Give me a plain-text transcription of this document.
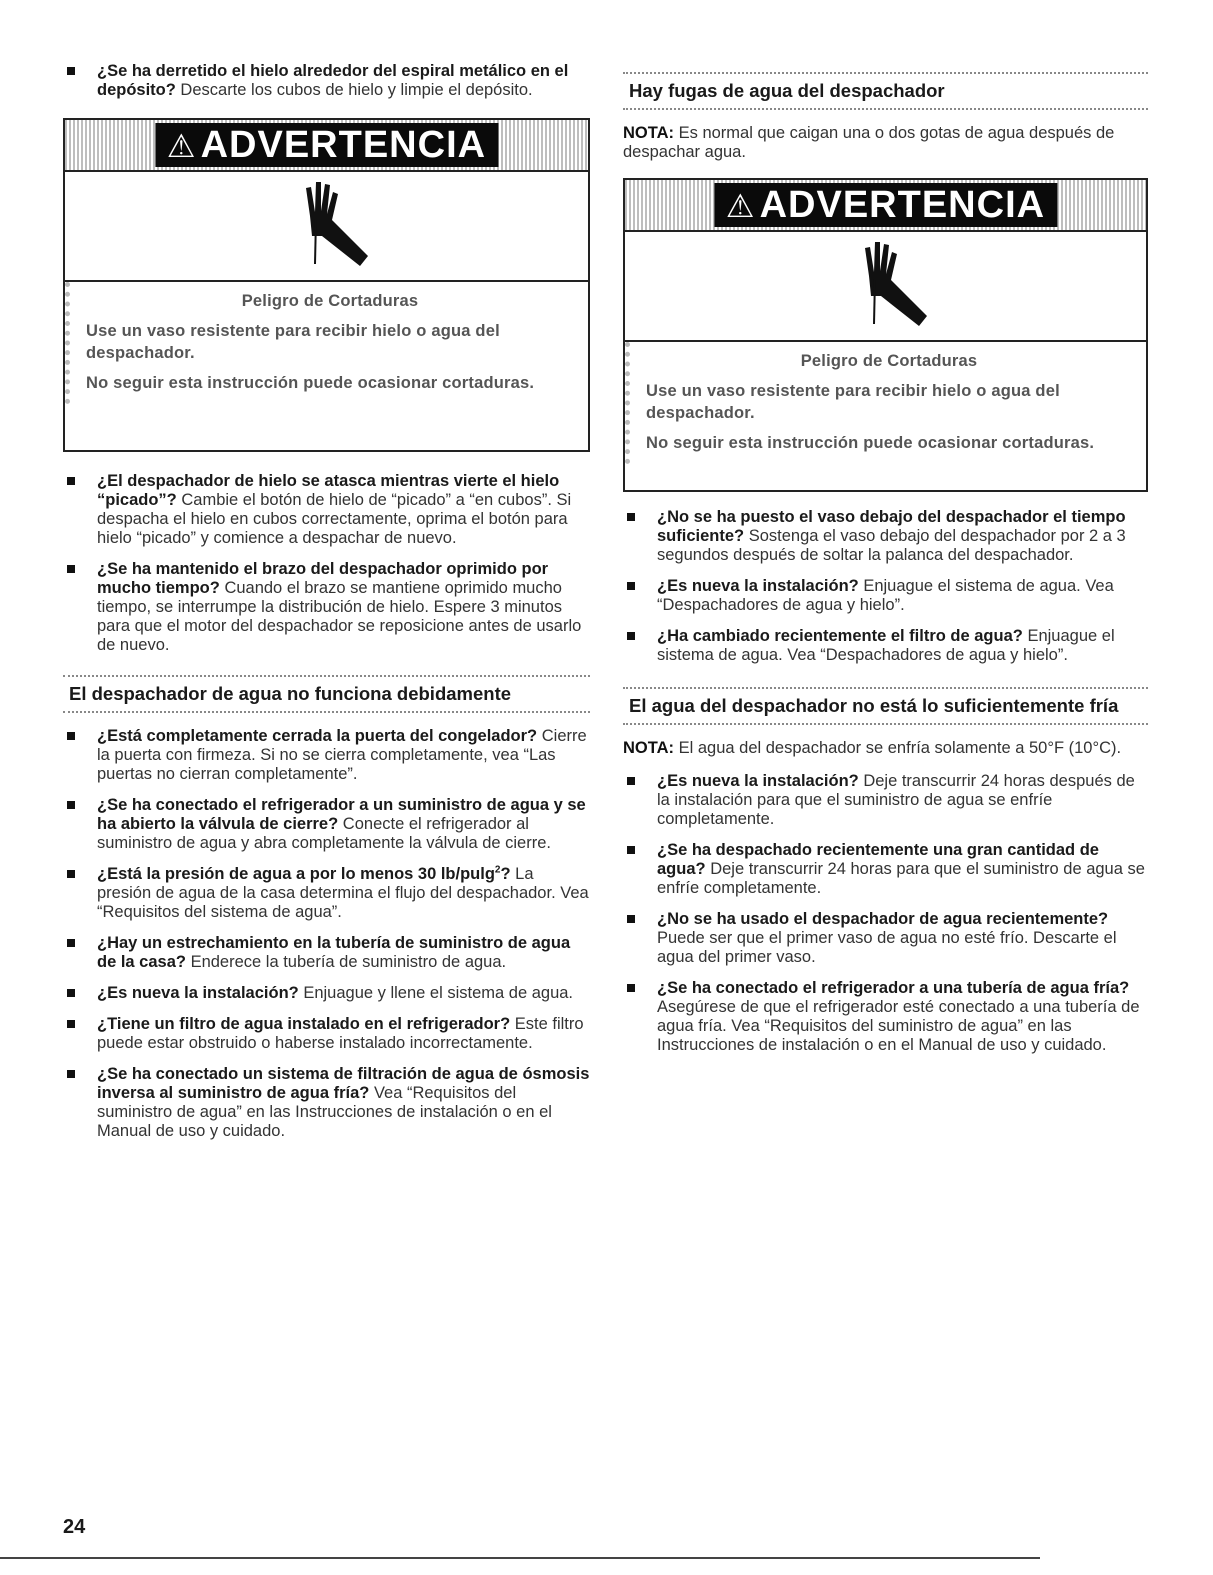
¿Se ha derretido el hielo alrededor del espiral metálico en el depósito? Descarte los cubos de hielo y limpie el depósito.
⚠ ADVERTENCIA

Peligro de Cortaduras

Use un vaso resistente para recibir hielo o agua del despachador.

No seguir esta instrucción puede ocasionar cortaduras.

¿El despachador de hielo se atasca mientras vierte el hielo “picado”? Cambie el botón de hielo de “picado” a “en cubos”. Si despacha el hielo en cubos correctamente, oprima el botón para hielo “picado” y comience a despachar de nuevo.
¿Se ha mantenido el brazo del despachador oprimido por mucho tiempo? Cuando el brazo se mantiene oprimido mucho tiempo, se interrumpe la distribución de hielo. Espere 3 minutos para que el motor del despachador se reposicione antes de usarlo de nuevo.
El despachador de agua no funciona debidamente
¿Está completamente cerrada la puerta del congelador? Cierre la puerta con firmeza. Si no se cierra completamente, vea “Las puertas no cierran completamente”.
¿Se ha conectado el refrigerador a un suministro de agua y se ha abierto la válvula de cierre? Conecte el refrigerador al suministro de agua y abra completamente la válvula de cierre.
¿Está la presión de agua a por lo menos 30 lb/pulg$^2$? La presión de agua de la casa determina el flujo del despachador. Vea “Requisitos del sistema de agua”.
¿Hay un estrechamiento en la tubería de suministro de agua de la casa? Enderece la tubería de suministro de agua.
¿Es nueva la instalación? Enjuague y llene el sistema de agua.
¿Tiene un filtro de agua instalado en el refrigerador? Este filtro puede estar obstruido o haberse instalado incorrectamente.
¿Se ha conectado un sistema de filtración de agua de ósmosis inversa al suministro de agua fría? Vea “Requisitos del suministro de agua” en las Instrucciones de instalación o en el Manual de uso y cuidado.
Hay fugas de agua del despachador
NOTA: Es normal que caigan una o dos gotas de agua después de despachar agua.
⚠ ADVERTENCIA

Peligro de Cortaduras

Use un vaso resistente para recibir hielo o agua del despachador.

No seguir esta instrucción puede ocasionar cortaduras.

¿No se ha puesto el vaso debajo del despachador el tiempo suficiente? Sostenga el vaso debajo del despachador por 2 a 3 segundos después de soltar la palanca del despachador.
¿Es nueva la instalación? Enjuague el sistema de agua. Vea “Despachadores de agua y hielo”.
¿Ha cambiado recientemente el filtro de agua? Enjuague el sistema de agua. Vea “Despachadores de agua y hielo”.
El agua del despachador no está lo suficientemente fría
NOTA: El agua del despachador se enfría solamente a 50°F (10°C).
¿Es nueva la instalación? Deje transcurrir 24 horas después de la instalación para que el suministro de agua se enfríe completamente.
¿Se ha despachado recientemente una gran cantidad de agua? Deje transcurrir 24 horas para que el suministro de agua se enfríe completamente.
¿No se ha usado el despachador de agua recientemente? Puede ser que el primer vaso de agua no esté frío. Descarte el agua del primer vaso.
¿Se ha conectado el refrigerador a una tubería de agua fría? Asegúrese de que el refrigerador esté conectado a una tubería de agua fría. Vea “Requisitos del suministro de agua” en las Instrucciones de instalación o en el Manual de uso y cuidado.
24
